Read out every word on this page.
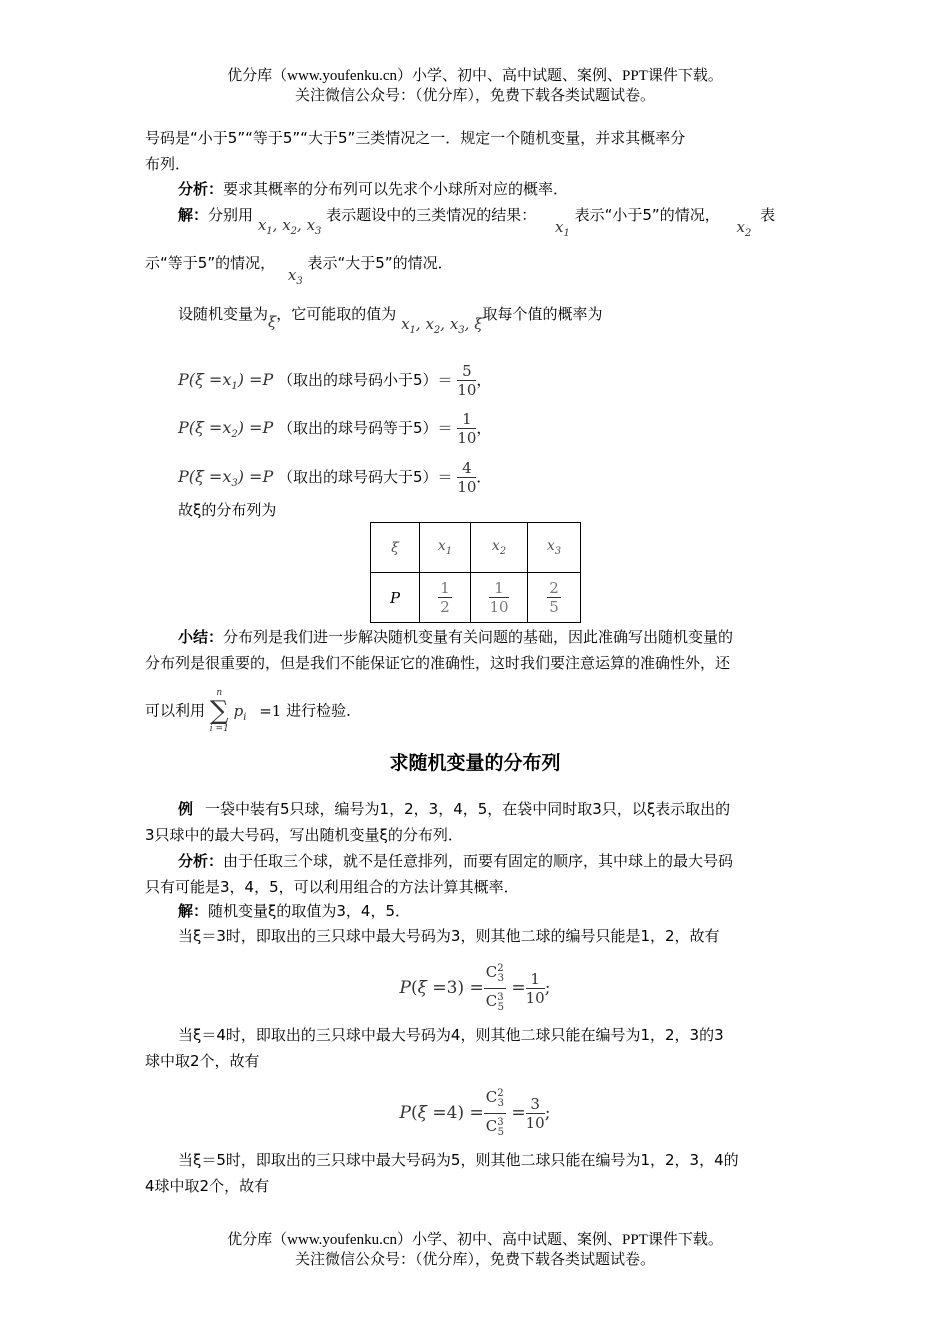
优分库（www.youfenku.cn）小学、初中、高中试题、案例、PPT课件下载。
关注微信公众号：（优分库），免费下载各类试题试卷。
号码是“小于5”“等于5”“大于5”三类情况之一．规定一个随机变量，并求其概率分
布列．
分析：要求其概率的分布列可以先求个小球所对应的概率．
解：分别用 $x_1$, $x_2$, $x_3$ 表示题设中的三类情况的结果： $x_1$ 表示“小于5”的情况， $x_2$ 表
示“等于5”的情况， $x_3$ 表示“大于5”的情况．
设随机变量为ξ，它可能取的值为 $x_1$, $x_2$, $x_3$, ξ取每个值的概率为
$P(\xi =x_1) =P$ （取出的球号码小于$5)= \frac{5}{10}$ ，
$P(\xi =x_2) =P$ （取出的球号码等于$5)= \frac{1}{10}$ ，
$P(\xi =x_3) =P$ （取出的球号码大于$5)= \frac{4}{10}$ ．
故ξ的分布列为
ξ	$x_1$	$x_2$	$x_3$
P	$\frac{1}{2}$	$\frac{1}{10}$	$\frac{2}{5}$
小结：分布列是我们进一步解决随机变量有关问题的基础，因此准确写出随机变量的
分布列是很重要的，但是我们不能保证它的准确性，这时我们要注意运算的准确性外，还
可以利用
n
∑
i =1
$p_i =1$ 进行检验．
求随机变量的分布列
例 一袋中装有5只球，编号为1，2，3，4，5，在袋中同时取3只，以ξ表示取出的
3只球中的最大号码，写出随机变量ξ的分布列．
分析：由于任取三个球，就不是任意排列，而要有固定的顺序，其中球上的最大号码
只有可能是3，4，5，可以利用组合的方法计算其概率．
解：随机变量ξ的取值为3，4，5．
当ξ＝3时，即取出的三只球中最大号码为3，则其他二球的编号只能是1，2，故有
$P(\xi =3) = \frac{C^2_3}{C^3_5} = \frac{1}{10}$ ;
当ξ＝4时，即取出的三只球中最大号码为4，则其他二球只能在编号为1，2，3的3
球中取2个，故有
$P(\xi =4) = \frac{C^2_3}{C^3_5} = \frac{3}{10}$ ;
当ξ＝5时，即取出的三只球中最大号码为5，则其他二球只能在编号为1，2，3，4的
4球中取2个，故有
优分库（www.youfenku.cn）小学、初中、高中试题、案例、PPT课件下载。
关注微信公众号：（优分库），免费下载各类试题试卷。
